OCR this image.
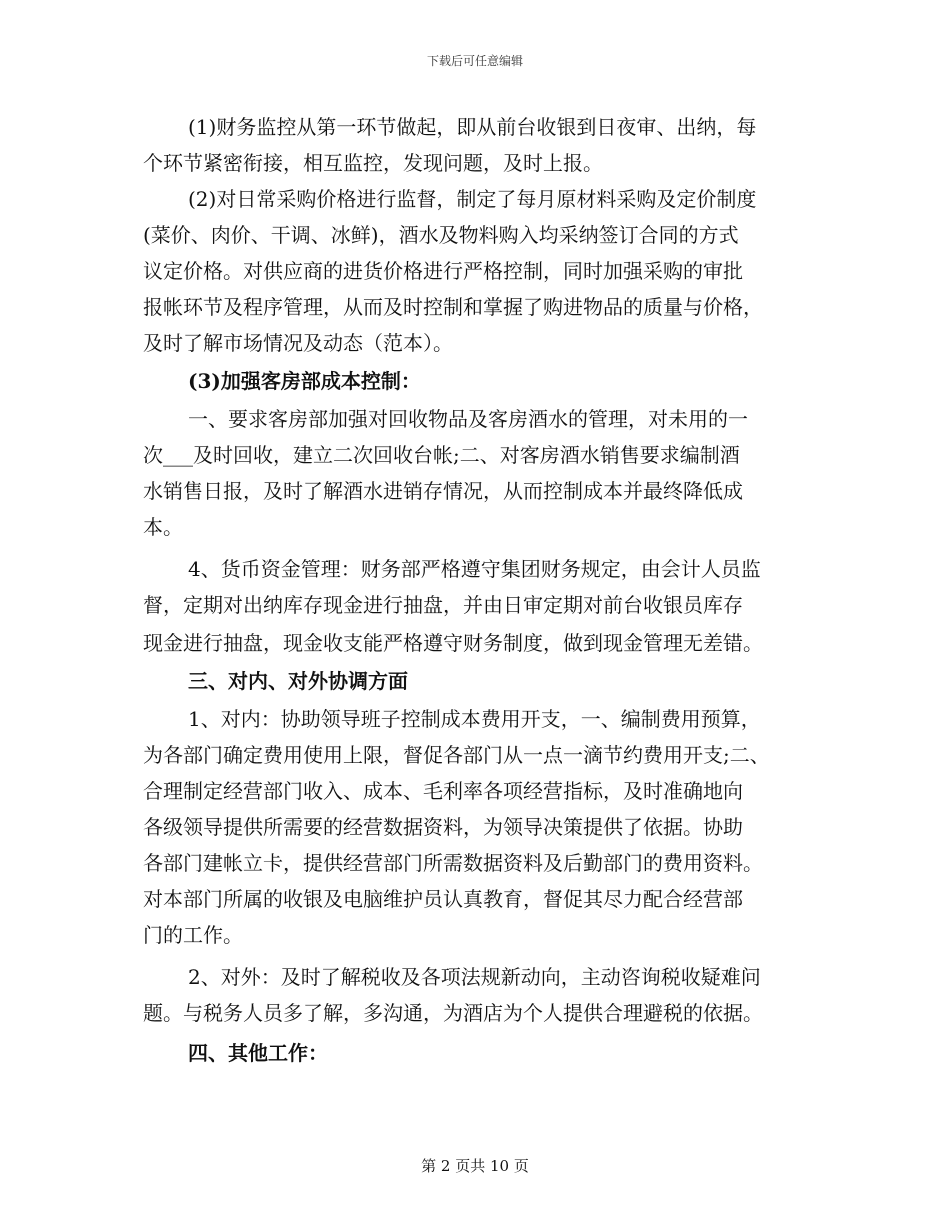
下载后可任意编辑
(1)财务监控从第一环节做起，即从前台收银到日夜审、出纳，每
个环节紧密衔接，相互监控，发现问题，及时上报。
(2)对日常采购价格进行监督，制定了每月原材料采购及定价制度
(菜价、肉价、干调、冰鲜)，酒水及物料购入均采纳签订合同的方式
议定价格。对供应商的进货价格进行严格控制，同时加强采购的审批
报帐环节及程序管理，从而及时控制和掌握了购进物品的质量与价格，
及时了解市场情况及动态（范本）。
(3)加强客房部成本控制：
一、要求客房部加强对回收物品及客房酒水的管理，对未用的一
次___及时回收，建立二次回收台帐;二、对客房酒水销售要求编制酒
水销售日报，及时了解酒水进销存情况，从而控制成本并最终降低成
本。
4、货币资金管理：财务部严格遵守集团财务规定，由会计人员监
督，定期对出纳库存现金进行抽盘，并由日审定期对前台收银员库存
现金进行抽盘，现金收支能严格遵守财务制度，做到现金管理无差错。
三、对内、对外协调方面
1、对内：协助领导班子控制成本费用开支，一、编制费用预算，
为各部门确定费用使用上限，督促各部门从一点一滴节约费用开支;二、
合理制定经营部门收入、成本、毛利率各项经营指标，及时准确地向
各级领导提供所需要的经营数据资料，为领导决策提供了依据。协助
各部门建帐立卡，提供经营部门所需数据资料及后勤部门的费用资料。
对本部门所属的收银及电脑维护员认真教育，督促其尽力配合经营部
门的工作。
2、对外：及时了解税收及各项法规新动向，主动咨询税收疑难问
题。与税务人员多了解，多沟通，为酒店为个人提供合理避税的依据。
四、其他工作：
第 2 页共 10 页
